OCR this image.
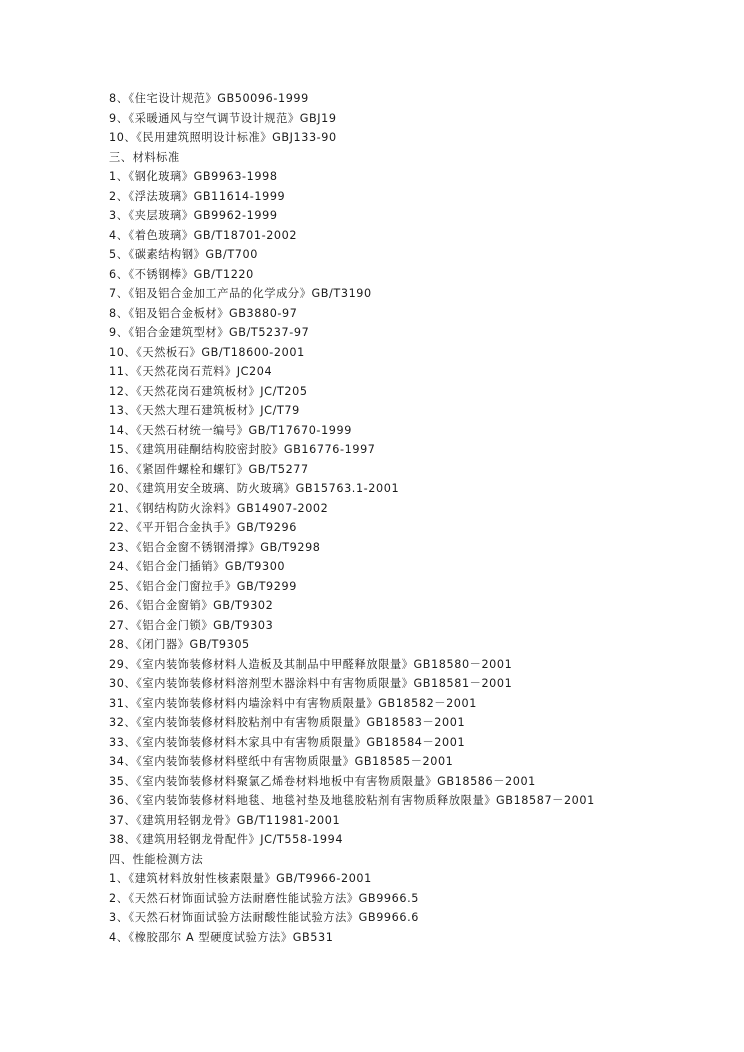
8、《住宅设计规范》GB50096-1999
9、《采暖通风与空气调节设计规范》GBJ19
10、《民用建筑照明设计标准》GBJ133-90
三、材料标准
1、《钢化玻璃》GB9963-1998
2、《浮法玻璃》GB11614-1999
3、《夹层玻璃》GB9962-1999
4、《着色玻璃》GB/T18701-2002
5、《碳素结构钢》GB/T700
6、《不锈钢棒》GB/T1220
7、《铝及铝合金加工产品的化学成分》GB/T3190
8、《铝及铝合金板材》GB3880-97
9、《铝合金建筑型材》GB/T5237-97
10、《天然板石》GB/T18600-2001
11、《天然花岗石荒料》JC204
12、《天然花岗石建筑板材》JC/T205
13、《天然大理石建筑板材》JC/T79
14、《天然石材统一编号》GB/T17670-1999
15、《建筑用硅酮结构胶密封胶》GB16776-1997
16、《紧固件螺栓和螺钉》GB/T5277
20、《建筑用安全玻璃、防火玻璃》GB15763.1-2001
21、《钢结构防火涂料》GB14907-2002
22、《平开铝合金执手》GB/T9296
23、《铝合金窗不锈钢滑撑》GB/T9298
24、《铝合金门插销》GB/T9300
25、《铝合金门窗拉手》GB/T9299
26、《铝合金窗销》GB/T9302
27、《铝合金门锁》GB/T9303
28、《闭门器》GB/T9305
29、《室内装饰装修材料人造板及其制品中甲醛释放限量》GB18580－2001
30、《室内装饰装修材料溶剂型木器涂料中有害物质限量》GB18581－2001
31、《室内装饰装修材料内墙涂料中有害物质限量》GB18582－2001
32、《室内装饰装修材料胶粘剂中有害物质限量》GB18583－2001
33、《室内装饰装修材料木家具中有害物质限量》GB18584－2001
34、《室内装饰装修材料壁纸中有害物质限量》GB18585－2001
35、《室内装饰装修材料聚氯乙烯卷材料地板中有害物质限量》GB18586－2001
36、《室内装饰装修材料地毯、地毯衬垫及地毯胶粘剂有害物质释放限量》GB18587－2001
37、《建筑用轻钢龙骨》GB/T11981-2001
38、《建筑用轻钢龙骨配件》JC/T558-1994
四、性能检测方法
1、《建筑材料放射性核素限量》GB/T9966-2001
2、《天然石材饰面试验方法耐磨性能试验方法》GB9966.5
3、《天然石材饰面试验方法耐酸性能试验方法》GB9966.6
4、《橡胶邵尔 A 型硬度试验方法》GB531
